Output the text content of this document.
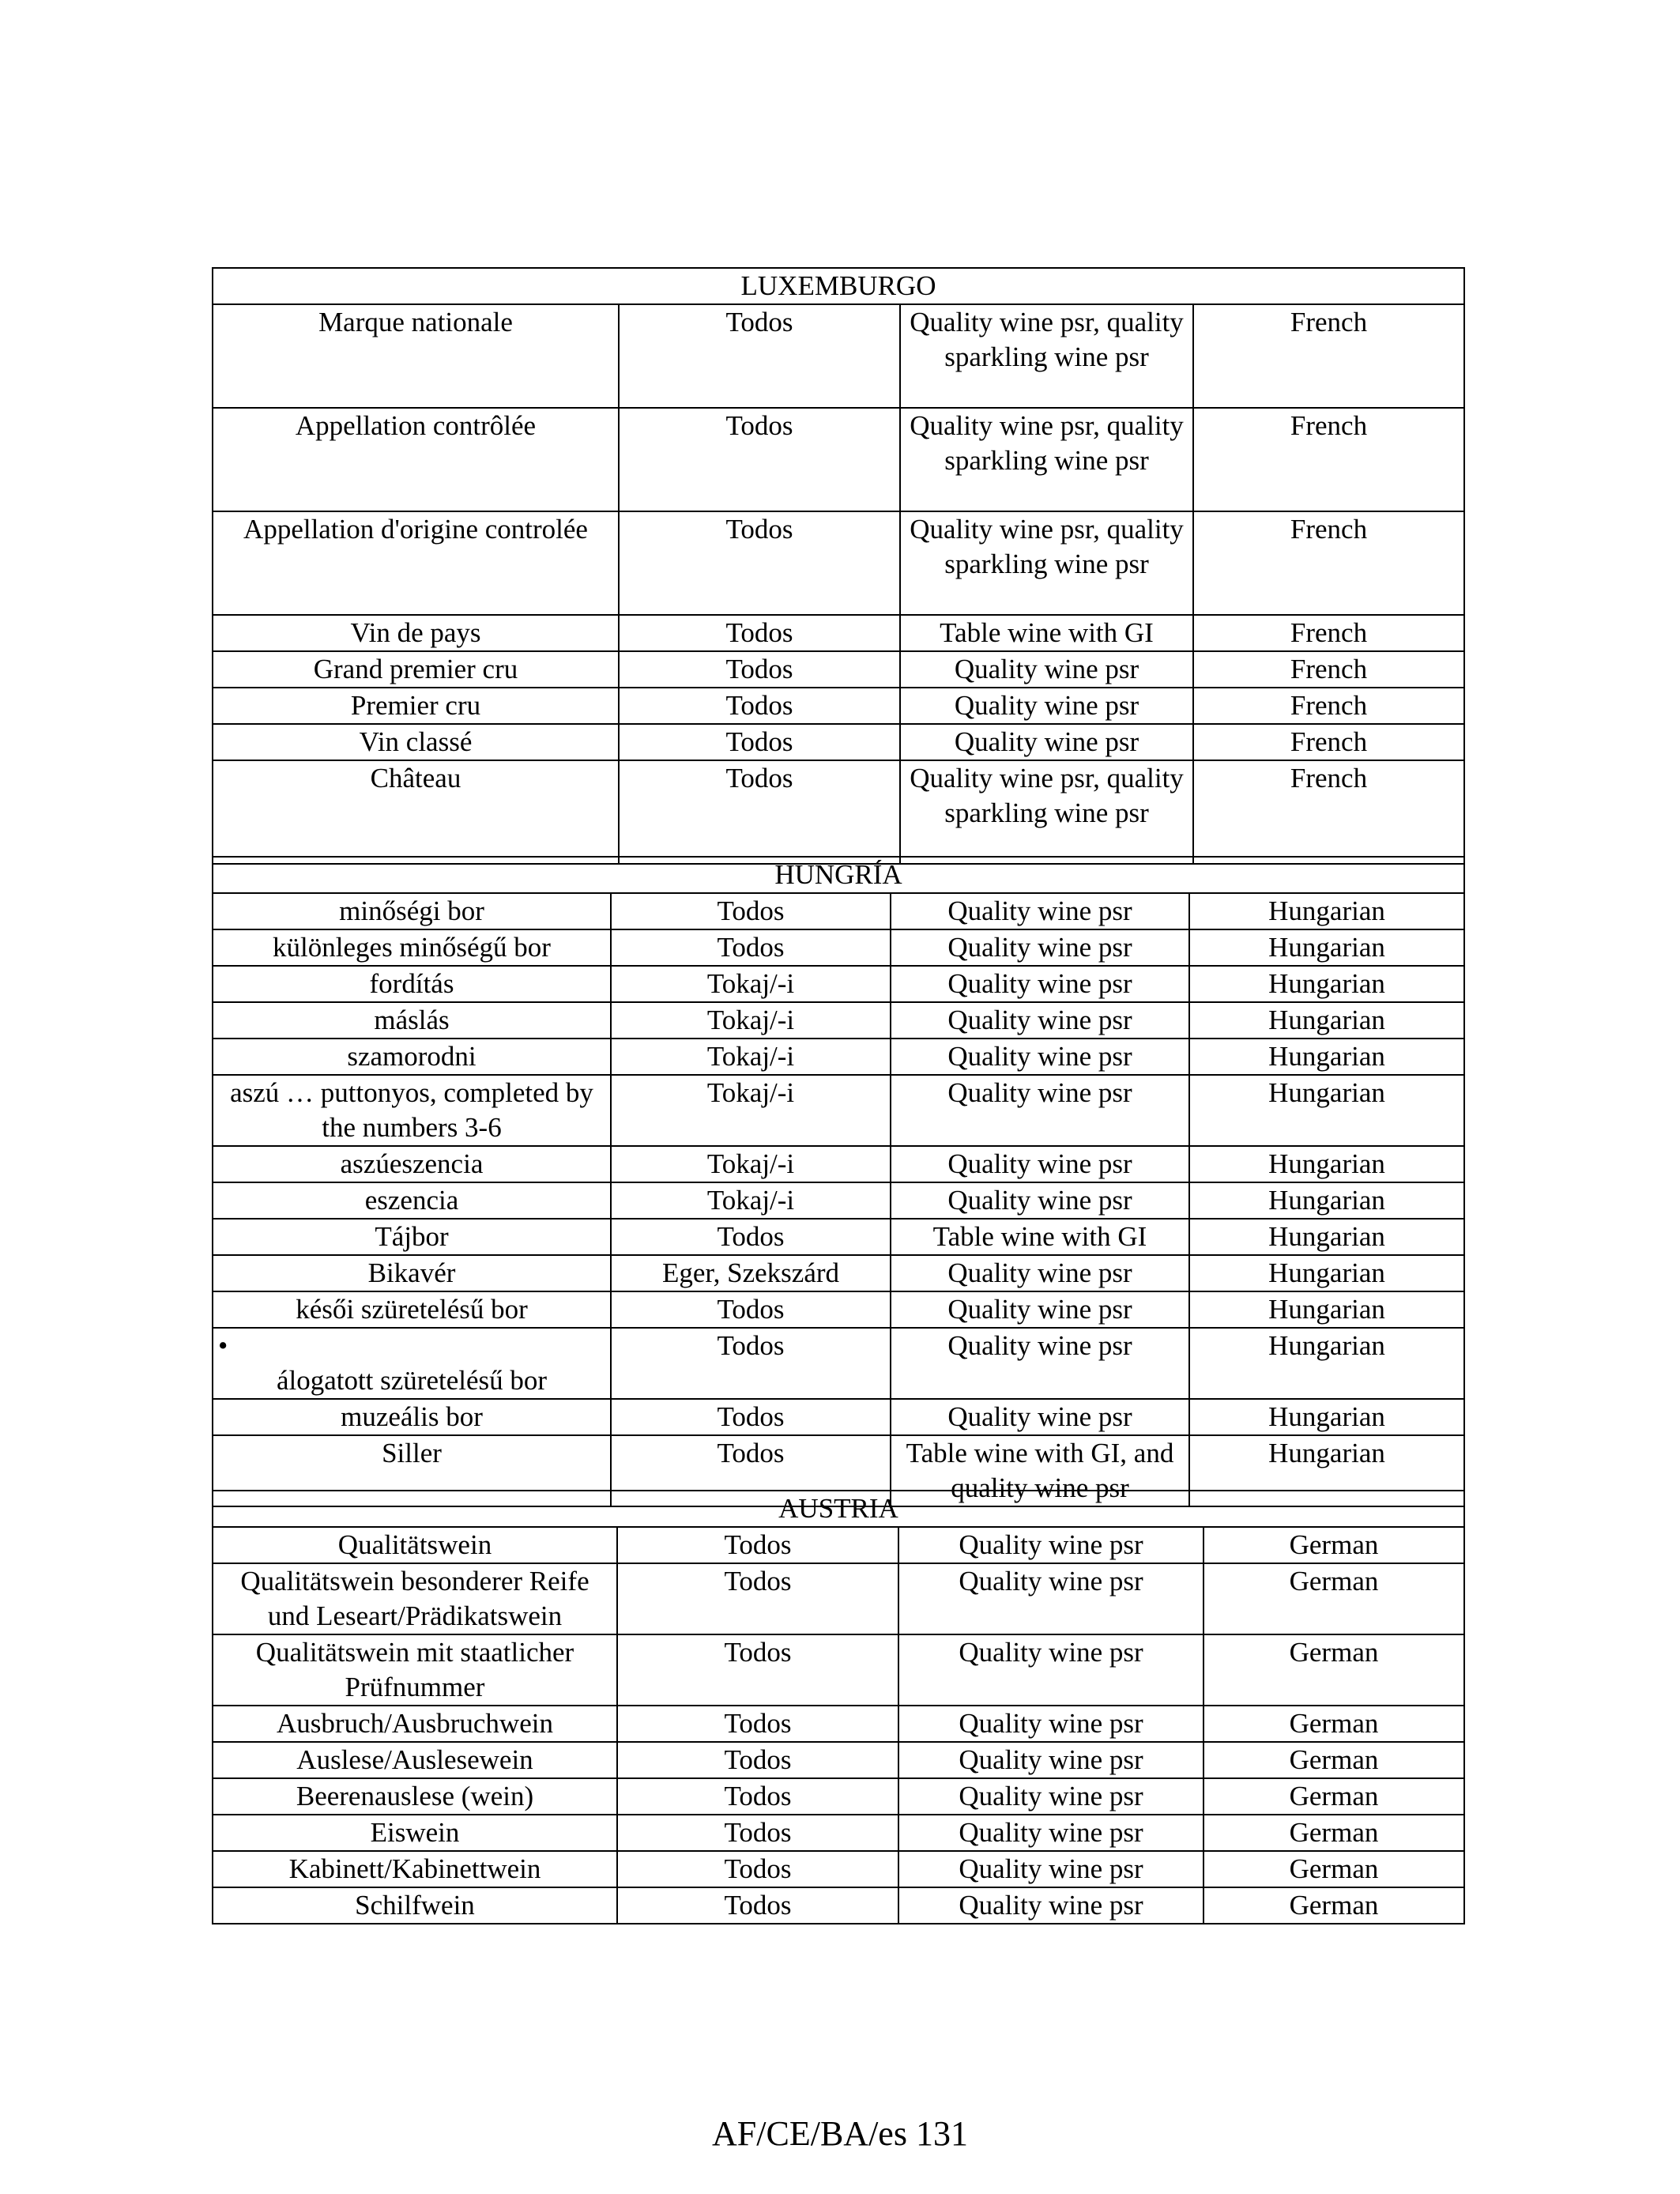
LUXEMBURGO			
Marque nationale	Todos	Quality wine psr, quality sparkling wine psr	French
Appellation contrôlée	Todos	Quality wine psr, quality sparkling wine psr	French
Appellation d'origine controlée	Todos	Quality wine psr, quality sparkling wine psr	French
Vin de pays	Todos	Table wine with GI	French
Grand premier cru	Todos	Quality wine psr	French
Premier cru	Todos	Quality wine psr	French
Vin classé	Todos	Quality wine psr	French
Château	Todos	Quality wine psr, quality sparkling wine psr	French
HUNGRÍA			
minőségi bor	Todos	Quality wine psr	Hungarian
különleges minőségű bor	Todos	Quality wine psr	Hungarian
fordítás	Tokaj/-i	Quality wine psr	Hungarian
máslás	Tokaj/-i	Quality wine psr	Hungarian
szamorodni	Tokaj/-i	Quality wine psr	Hungarian
aszú … puttonyos, completed by the numbers 3-6	Tokaj/-i	Quality wine psr	Hungarian
aszúeszencia	Tokaj/-i	Quality wine psr	Hungarian
eszencia	Tokaj/-i	Quality wine psr	Hungarian
Tájbor	Todos	Table wine with GI	Hungarian
Bikavér	Eger, Szekszárd	Quality wine psr	Hungarian
késői szüretelésű bor	Todos	Quality wine psr	Hungarian

•
álogatott szüretelésű bor	Todos	Quality wine psr	Hungarian
muzeális bor	Todos	Quality wine psr	Hungarian
Siller	Todos	Table wine with GI, and quality wine psr	Hungarian
AUSTRIA			
Qualitätswein	Todos	Quality wine psr	German
Qualitätswein besonderer Reife und Leseart/Prädikatswein	Todos	Quality wine psr	German
Qualitätswein mit staatlicher Prüfnummer	Todos	Quality wine psr	German
Ausbruch/Ausbruchwein	Todos	Quality wine psr	German
Auslese/Auslesewein	Todos	Quality wine psr	German
Beerenauslese (wein)	Todos	Quality wine psr	German
Eiswein	Todos	Quality wine psr	German
Kabinett/Kabinettwein	Todos	Quality wine psr	German
Schilfwein	Todos	Quality wine psr	German
AF/CE/BA/es 131
